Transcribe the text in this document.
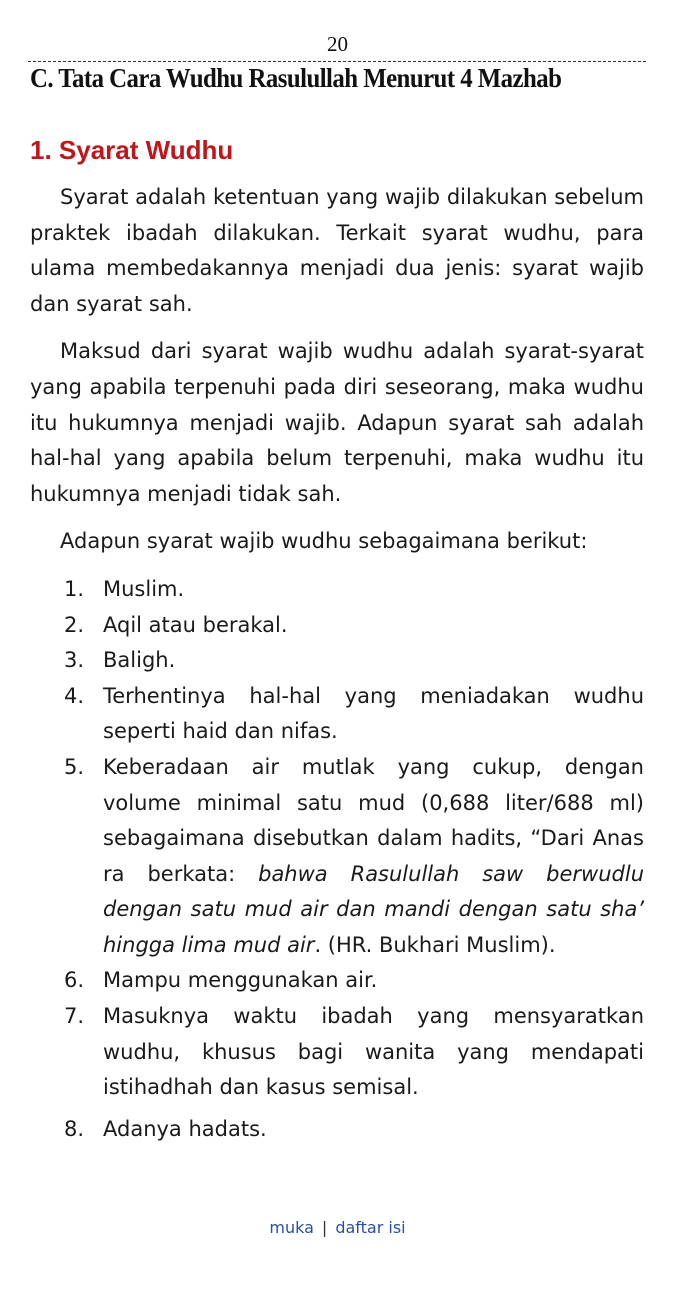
20
C. Tata Cara Wudhu Rasulullah Menurut 4 Mazhab
1. Syarat Wudhu

Syarat adalah ketentuan yang wajib dilakukan sebelum praktek ibadah dilakukan. Terkait syarat wudhu, para ulama membedakannya menjadi dua jenis: syarat wajib dan syarat sah.

Maksud dari syarat wajib wudhu adalah syarat-syarat yang apabila terpenuhi pada diri seseorang, maka wudhu itu hukumnya menjadi wajib. Adapun syarat sah adalah hal-hal yang apabila belum terpenuhi, maka wudhu itu hukumnya menjadi tidak sah.

Adapun syarat wajib wudhu sebagaimana berikut:

1. Muslim.
2. Aqil atau berakal.
3. Baligh.
4. Terhentinya hal-hal yang meniadakan wudhu seperti haid dan nifas.
5. Keberadaan air mutlak yang cukup, dengan volume minimal satu mud (0,688 liter/688 ml) sebagaimana disebutkan dalam hadits, “Dari Anas ra berkata: bahwa Rasulullah saw berwudlu dengan satu mud air dan mandi dengan satu sha’ hingga lima mud air. (HR. Bukhari Muslim).
6. Mampu menggunakan air.
7. Masuknya waktu ibadah yang mensyaratkan wudhu, khusus bagi wanita yang mendapati istihadhah dan kasus semisal.
8. Adanya hadats.
muka | daftar isi
